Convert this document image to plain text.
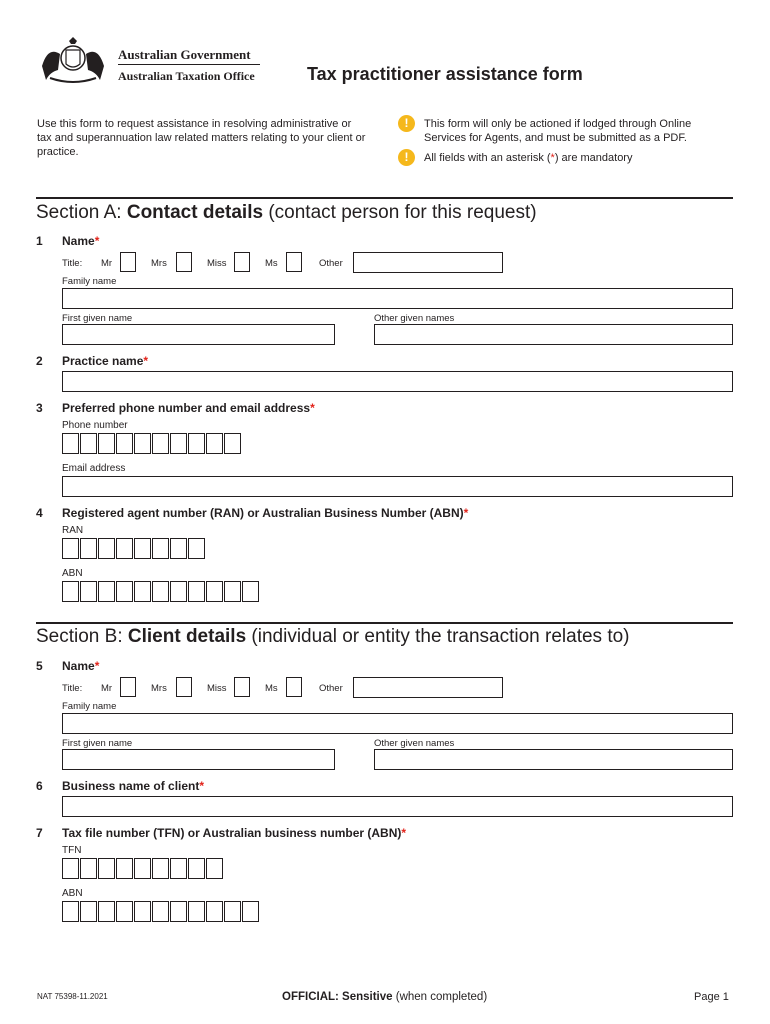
Australian Government
Australian Taxation Office	Tax practitioner assistance form
Use this form to request assistance in resolving administrative or tax and superannuation law related matters relating to your client or practice.
!	This form will only be actioned if lodged through Online Services for Agents, and must be submitted as a PDF.
!	All fields with an asterisk (*) are mandatory
Section A: Contact details (contact person for this request)
1 Name*
Title: Mr	Mrs	Miss	Ms	Other
Family name
First given name	Other given names
2 Practice name*
3 Preferred phone number and email address*
Phone number
Email address
4 Registered agent number (RAN) or Australian Business Number (ABN)*
RAN
ABN
Section B: Client details (individual or entity the transaction relates to)
5 Name*
Title: Mr	Mrs	Miss	Ms	Other
Family name
First given name	Other given names
6 Business name of client*
7 Tax file number (TFN) or Australian business number (ABN)*
TFN
ABN
NAT 75398-11.2021	OFFICIAL: Sensitive (when completed)	Page 1
